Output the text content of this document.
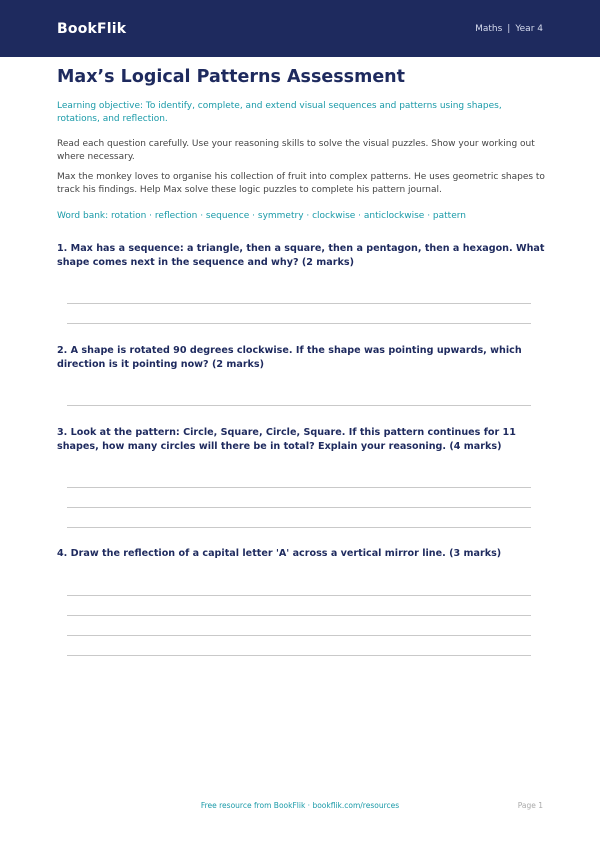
BookFlik	Maths | Year 4
Max’s Logical Patterns Assessment

Learning objective: To identify, complete, and extend visual sequences and patterns using shapes, rotations, and reflection.

Read each question carefully. Use your reasoning skills to solve the visual puzzles. Show your working out where necessary.

Max the monkey loves to organise his collection of fruit into complex patterns. He uses geometric shapes to track his findings. Help Max solve these logic puzzles to complete his pattern journal.

Word bank: rotation · reflection · sequence · symmetry · clockwise · anticlockwise · pattern

1. Max has a sequence: a triangle, then a square, then a pentagon, then a hexagon. What shape comes next in the sequence and why? (2 marks)

2. A shape is rotated 90 degrees clockwise. If the shape was pointing upwards, which direction is it pointing now? (2 marks)

3. Look at the pattern: Circle, Square, Circle, Square. If this pattern continues for 11 shapes, how many circles will there be in total? Explain your reasoning. (4 marks)

4. Draw the reflection of a capital letter 'A' across a vertical mirror line. (3 marks)

Free resource from BookFlik · bookflik.com/resources	Page 1
